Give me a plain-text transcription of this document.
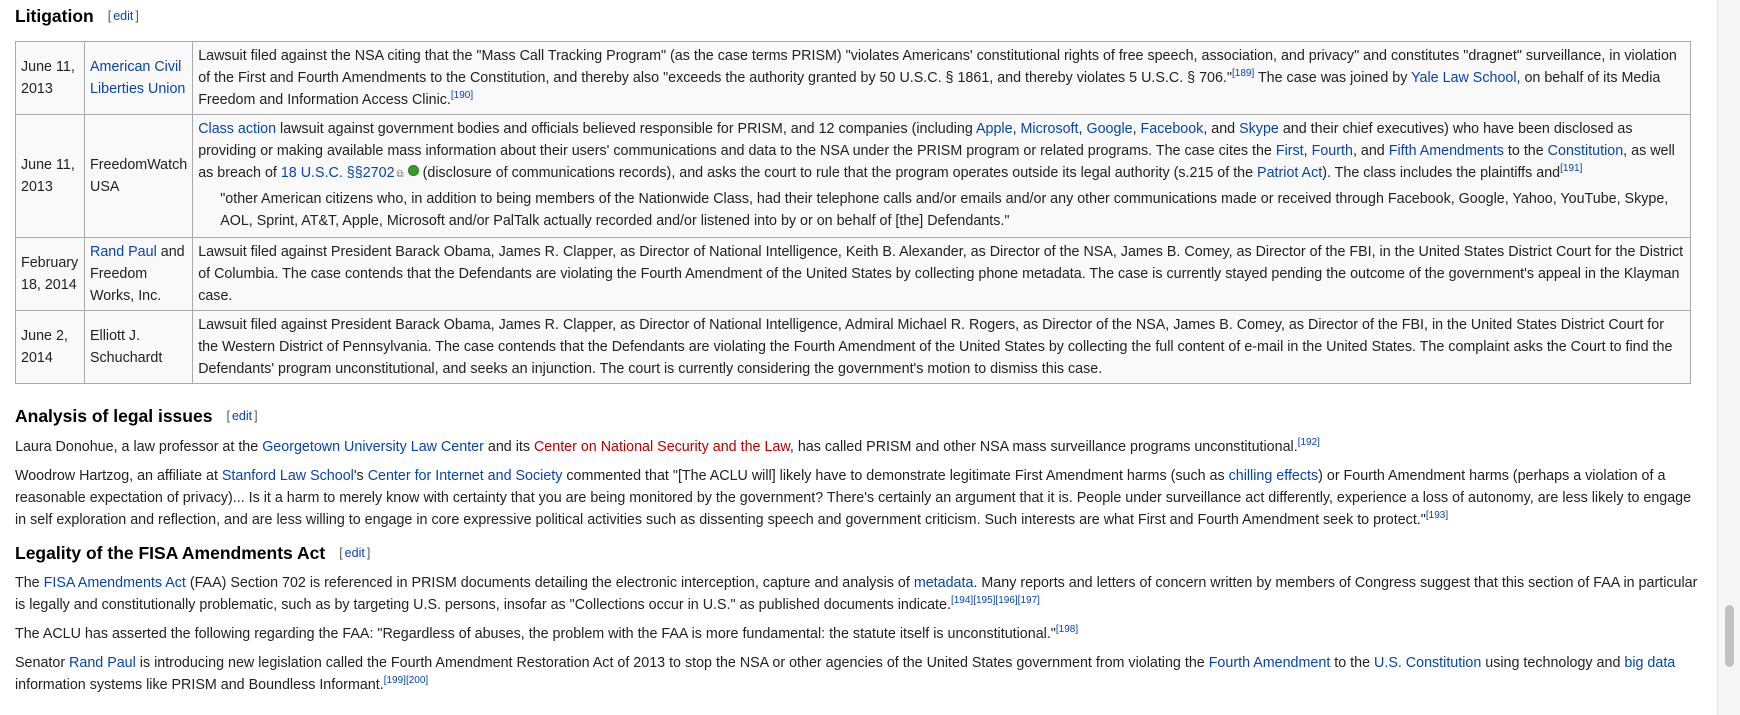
Litigation [ edit ]
June 11, 2013	American Civil Liberties Union	Lawsuit filed against the NSA citing that the "Mass Call Tracking Program" (as the case terms PRISM) "violates Americans' constitutional rights of free speech, association, and privacy" and constitutes "dragnet" surveillance, in violation of the First and Fourth Amendments to the Constitution, and thereby also "exceeds the authority granted by 50 U.S.C. § 1861, and thereby violates 5 U.S.C. § 706."[189] The case was joined by Yale Law School, on behalf of its Media Freedom and Information Access Clinic.[190]
June 11, 2013	FreedomWatch USA	Class action lawsuit against government bodies and officials believed responsible for PRISM, and 12 companies (including Apple, Microsoft, Google, Facebook, and Skype and their chief executives) who have been disclosed as providing or making available mass information about their users' communications and data to the NSA under the PRISM program or related programs. The case cites the First, Fourth, and Fifth Amendments to the Constitution, as well as breach of 18 U.S.C. §§2702 ⧉ (disclosure of communications records), and asks the court to rule that the program operates outside its legal authority (s.215 of the Patriot Act). The class includes the plaintiffs and[191]
"other American citizens who, in addition to being members of the Nationwide Class, had their telephone calls and/or emails and/or any other communications made or received through Facebook, Google, Yahoo, YouTube, Skype, AOL, Sprint, AT&T, Apple, Microsoft and/or PalTalk actually recorded and/or listened into by or on behalf of [the] Defendants."

February 18, 2014	Rand Paul and Freedom Works, Inc.	Lawsuit filed against President Barack Obama, James R. Clapper, as Director of National Intelligence, Keith B. Alexander, as Director of the NSA, James B. Comey, as Director of the FBI, in the United States District Court for the District of Columbia. The case contends that the Defendants are violating the Fourth Amendment of the United States by collecting phone metadata. The case is currently stayed pending the outcome of the government's appeal in the Klayman case.
June 2, 2014	Elliott J. Schuchardt	Lawsuit filed against President Barack Obama, James R. Clapper, as Director of National Intelligence, Admiral Michael R. Rogers, as Director of the NSA, James B. Comey, as Director of the FBI, in the United States District Court for the Western District of Pennsylvania. The case contends that the Defendants are violating the Fourth Amendment of the United States by collecting the full content of e-mail in the United States. The complaint asks the Court to find the Defendants' program unconstitutional, and seeks an injunction. The court is currently considering the government's motion to dismiss this case.
Analysis of legal issues [ edit ]

Laura Donohue, a law professor at the Georgetown University Law Center and its Center on National Security and the Law, has called PRISM and other NSA mass surveillance programs unconstitutional.[192]

Woodrow Hartzog, an affiliate at Stanford Law School's Center for Internet and Society commented that "[The ACLU will] likely have to demonstrate legitimate First Amendment harms (such as chilling effects) or Fourth Amendment harms (perhaps a violation of a reasonable expectation of privacy)... Is it a harm to merely know with certainty that you are being monitored by the government? There's certainly an argument that it is. People under surveillance act differently, experience a loss of autonomy, are less likely to engage in self exploration and reflection, and are less willing to engage in core expressive political activities such as dissenting speech and government criticism. Such interests are what First and Fourth Amendment seek to protect."[193]

Legality of the FISA Amendments Act [ edit ]

The FISA Amendments Act (FAA) Section 702 is referenced in PRISM documents detailing the electronic interception, capture and analysis of metadata. Many reports and letters of concern written by members of Congress suggest that this section of FAA in particular is legally and constitutionally problematic, such as by targeting U.S. persons, insofar as "Collections occur in U.S." as published documents indicate.[194][195][196][197]

The ACLU has asserted the following regarding the FAA: "Regardless of abuses, the problem with the FAA is more fundamental: the statute itself is unconstitutional."[198]

Senator Rand Paul is introducing new legislation called the Fourth Amendment Restoration Act of 2013 to stop the NSA or other agencies of the United States government from violating the Fourth Amendment to the U.S. Constitution using technology and big data information systems like PRISM and Boundless Informant.[199][200]
